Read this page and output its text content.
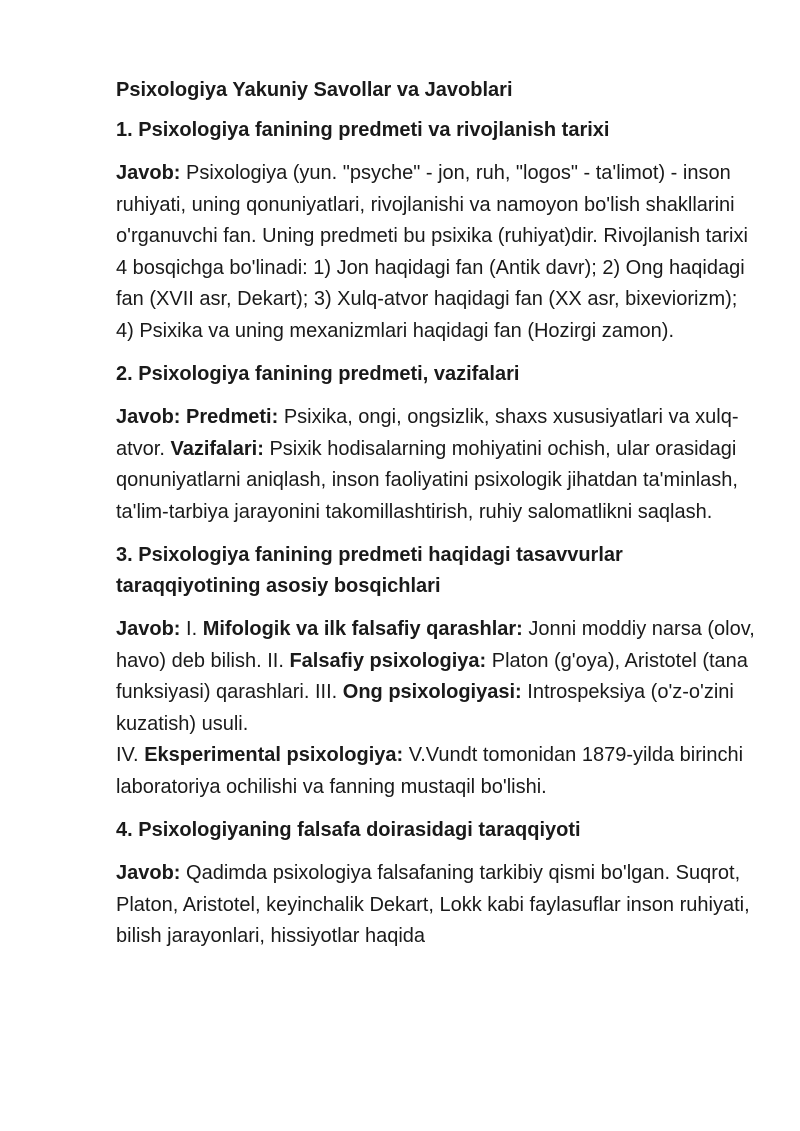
Psixologiya Yakuniy Savollar va Javoblari
1. Psixologiya fanining predmeti va rivojlanish tarixi
Javob: Psixologiya (yun. "psyche" - jon, ruh, "logos" - ta'limot) - inson ruhiyati, uning qonuniyatlari, rivojlanishi va namoyon bo'lish shakllarini o'rganuvchi fan. Uning predmeti bu psixika (ruhiyat)dir. Rivojlanish tarixi 4 bosqichga bo'linadi: 1) Jon haqidagi fan (Antik davr); 2) Ong haqidagi fan (XVII asr, Dekart); 3) Xulq-atvor haqidagi fan (XX asr, bixeviorizm); 4) Psixika va uning mexanizmlari haqidagi fan (Hozirgi zamon).
2. Psixologiya fanining predmeti, vazifalari
Javob: Predmeti: Psixika, ongi, ongsizlik, shaxs xususiyatlari va xulq-atvor. Vazifalari: Psixik hodisalarning mohiyatini ochish, ular orasidagi qonuniyatlarni aniqlash, inson faoliyatini psixologik jihatdan ta'minlash, ta'lim-tarbiya jarayonini takomillashtirish, ruhiy salomatlikni saqlash.
3. Psixologiya fanining predmeti haqidagi tasavvurlar taraqqiyotining asosiy bosqichlari
Javob: I. Mifologik va ilk falsafiy qarashlar: Jonni moddiy narsa (olov, havo) deb bilish. II. Falsafiy psixologiya: Platon (g'oya), Aristotel (tana funksiyasi) qarashlari. III. Ong psixologiyasi: Introspeksiya (o'z-o'zini kuzatish) usuli.
IV. Eksperimental psixologiya: V.Vundt tomonidan 1879-yilda birinchi laboratoriya ochilishi va fanning mustaqil bo'lishi.
4. Psixologiyaning falsafa doirasidagi taraqqiyoti
Javob: Qadimda psixologiya falsafaning tarkibiy qismi bo'lgan. Suqrot, Platon, Aristotel, keyinchalik Dekart, Lokk kabi faylasuflar inson ruhiyati, bilish jarayonlari, hissiyotlar haqida
